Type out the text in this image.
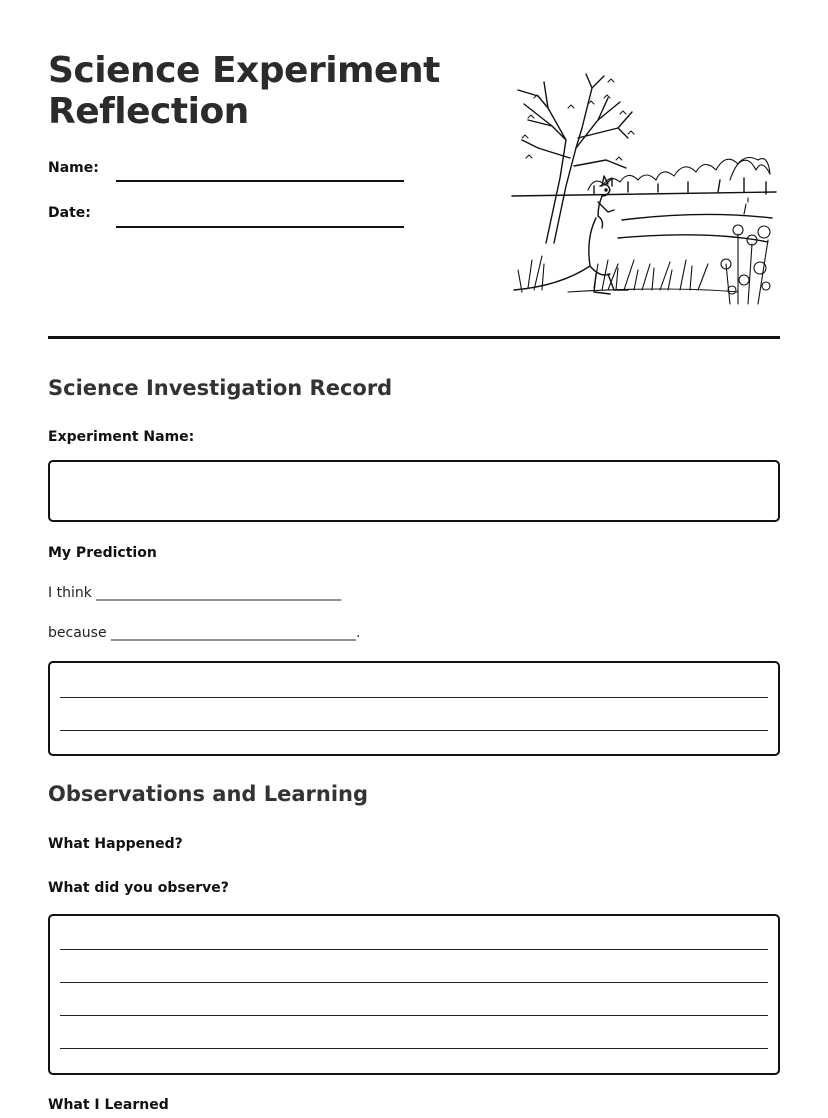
Science Experiment Reflection
Name:
Date:
Science Investigation Record
Experiment Name:
My Prediction
I think ___________________________________
because ___________________________________.
Observations and Learning
What Happened?
What did you observe?
What I Learned
